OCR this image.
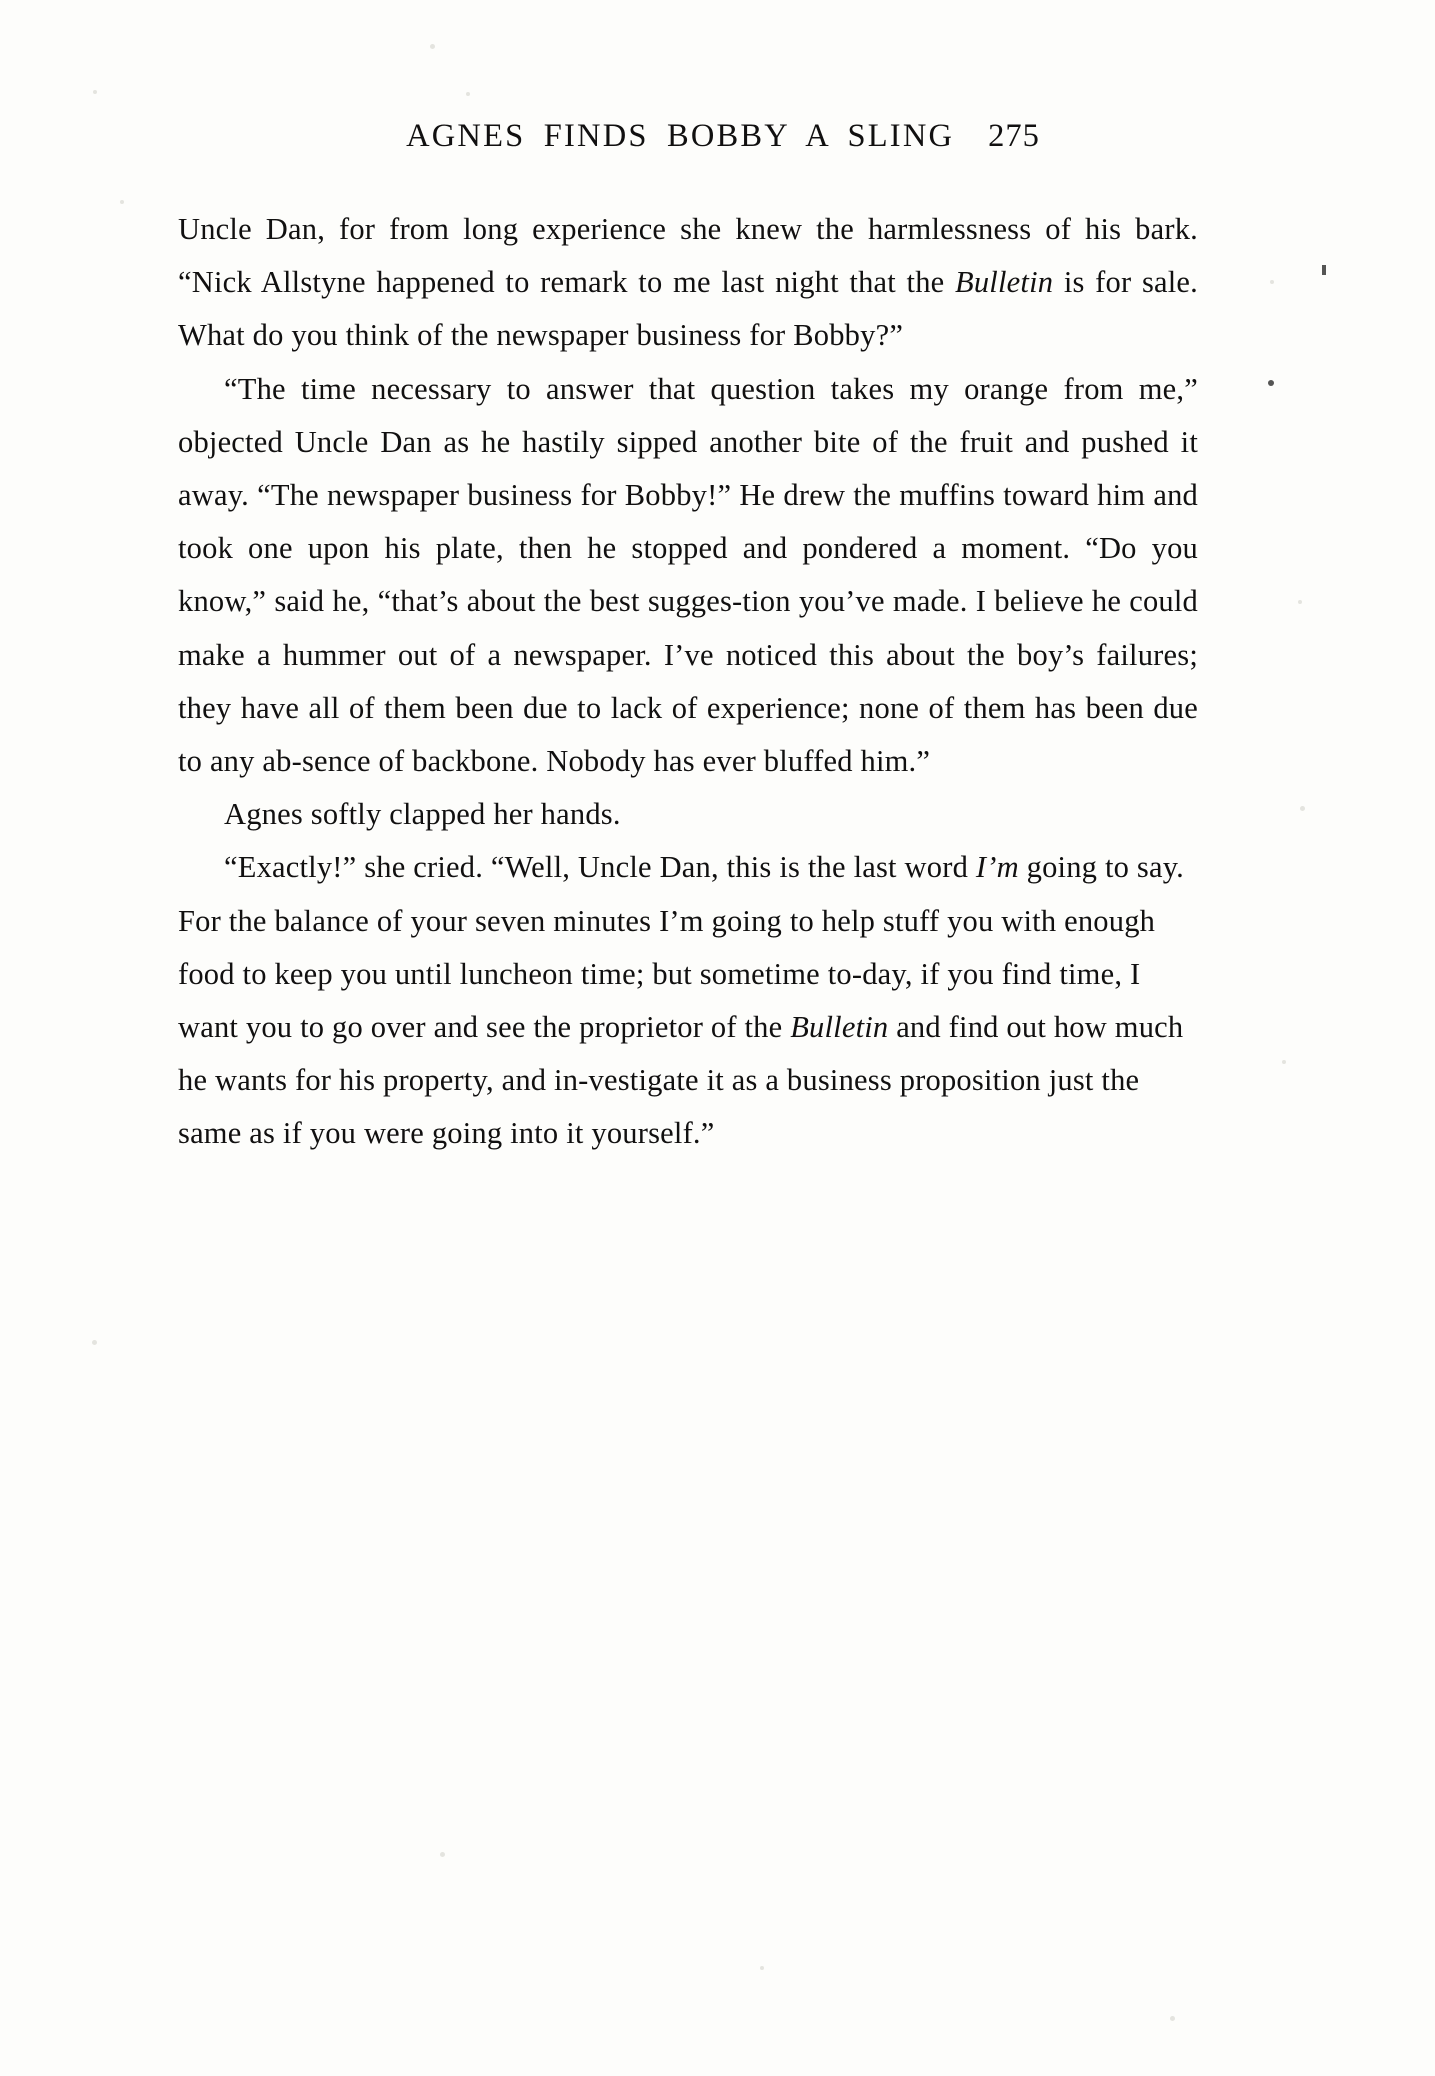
AGNES FINDS BOBBY A SLING 275

Uncle Dan, for from long experience she knew the harmlessness of his bark. “Nick Allstyne happened to remark to me last night that the Bulletin is for sale. What do you think of the newspaper business for Bobby?”

“The time necessary to answer that question takes my orange from me,” objected Uncle Dan as he hastily sipped another bite of the fruit and pushed it away. “The newspaper business for Bobby!” He drew the muffins toward him and took one upon his plate, then he stopped and pondered a moment. “Do you know,” said he, “that’s about the best sugges-tion you’ve made. I believe he could make a hummer out of a newspaper. I’ve noticed this about the boy’s failures; they have all of them been due to lack of experience; none of them has been due to any ab-sence of backbone. Nobody has ever bluffed him.”

Agnes softly clapped her hands.

“Exactly!” she cried. “Well, Uncle Dan, this is the last word I’m going to say. For the balance of your seven minutes I’m going to help stuff you with enough food to keep you until luncheon time; but sometime to-day, if you find time, I want you to go over and see the proprietor of the Bulletin and find out how much he wants for his property, and in-vestigate it as a business proposition just the same as if you were going into it yourself.”
